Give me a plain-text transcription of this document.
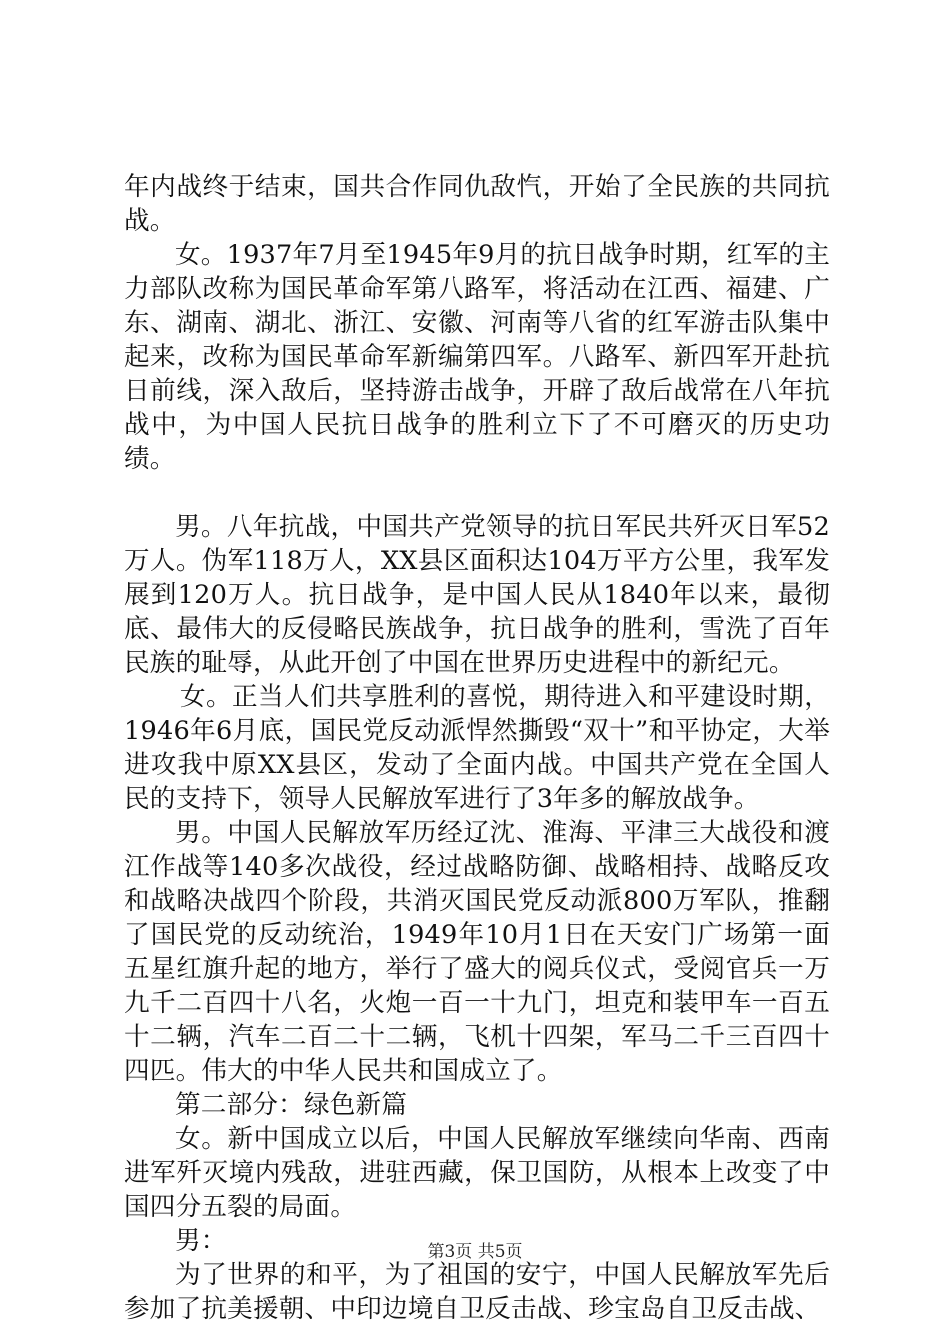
年内战终于结束，国共合作同仇敌忾，开始了全民族的共同抗战。

女。1937年7月至1945年9月的抗日战争时期，红军的主力部队改称为国民革命军第八路军，将活动在江西、福建、广东、湖南、湖北、浙江、安徽、河南等八省的红军游击队集中起来，改称为国民革命军新编第四军。八路军、新四军开赴抗日前线，深入敌后，坚持游击战争，开辟了敌后战常在八年抗战中，为中国人民抗日战争的胜利立下了不可磨灭的历史功绩。

男。八年抗战，中国共产党领导的抗日军民共歼灭日军52万人。伪军118万人，XX县区面积达104万平方公里，我军发展到120万人。抗日战争，是中国人民从1840年以来，最彻底、最伟大的反侵略民族战争，抗日战争的胜利，雪洗了百年民族的耻辱，从此开创了中国在世界历史进程中的新纪元。

女。正当人们共享胜利的喜悦，期待进入和平建设时期，1946年6月底，国民党反动派悍然撕毁“双十”和平协定，大举进攻我中原XX县区，发动了全面内战。中国共产党在全国人民的支持下，领导人民解放军进行了3年多的解放战争。

男。中国人民解放军历经辽沈、淮海、平津三大战役和渡江作战等140多次战役，经过战略防御、战略相持、战略反攻和战略决战四个阶段，共消灭国民党反动派800万军队，推翻了国民党的反动统治，1949年10月1日在天安门广场第一面五星红旗升起的地方，举行了盛大的阅兵仪式，受阅官兵一万九千二百四十八名，火炮一百一十九门，坦克和装甲车一百五十二辆，汽车二百二十二辆，飞机十四架，军马二千三百四十四匹。伟大的中华人民共和国成立了。

第二部分：绿色新篇

女。新中国成立以后，中国人民解放军继续向华南、西南进军歼灭境内残敌，进驻西藏，保卫国防，从根本上改变了中国四分五裂的局面。

男：

为了世界的和平，为了祖国的安宁，中国人民解放军先后参加了抗美援朝、中印边境自卫反击战、珍宝岛自卫反击战、

第3页 共5页
